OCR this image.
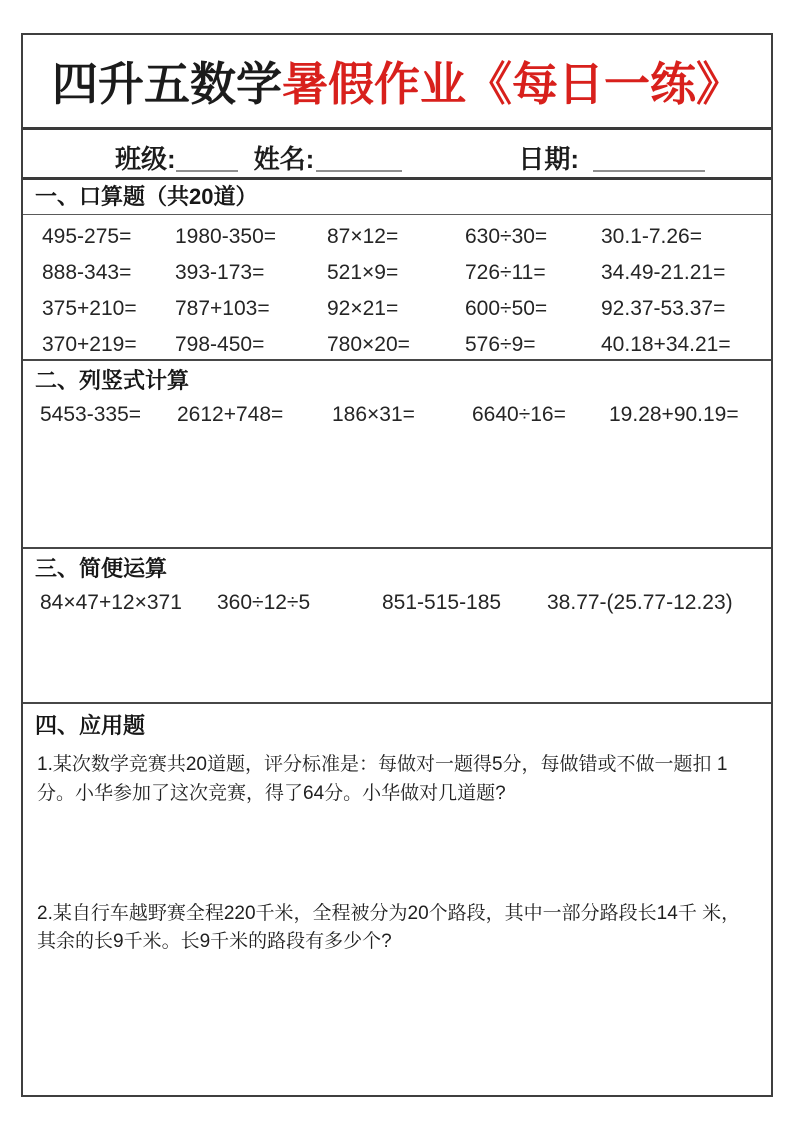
四升五数学 暑假作业《每日一练》
班级:	姓名:	日期:
一、口算题（共20道）
495-275=	1980-350=	87×12=	630÷30=	30.1-7.26=
888-343=	393-173=	521×9=	726÷11=	34.49-21.21=
375+210=	787+103=	92×21=	600÷50=	92.37-53.37=
370+219=	798-450=	780×20=	576÷9=	40.18+34.21=
二、列竖式计算
5453-335=	2612+748=	186×31=	6640÷16=	19.28+90.19=
三、简便运算
84×47+12×371	360÷12÷5	851-515-185	38.77-(25.77-12.23)
四、应用题

1.某次数学竞赛共20道题，评分标准是：每做对一题得5分，每做错或不做一题扣 1分。小华参加了这次竞赛，得了64分。小华做对几道题?

2.某自行车越野赛全程220千米，全程被分为20个路段，其中一部分路段长14千 米，其余的长9千米。长9千米的路段有多少个?
